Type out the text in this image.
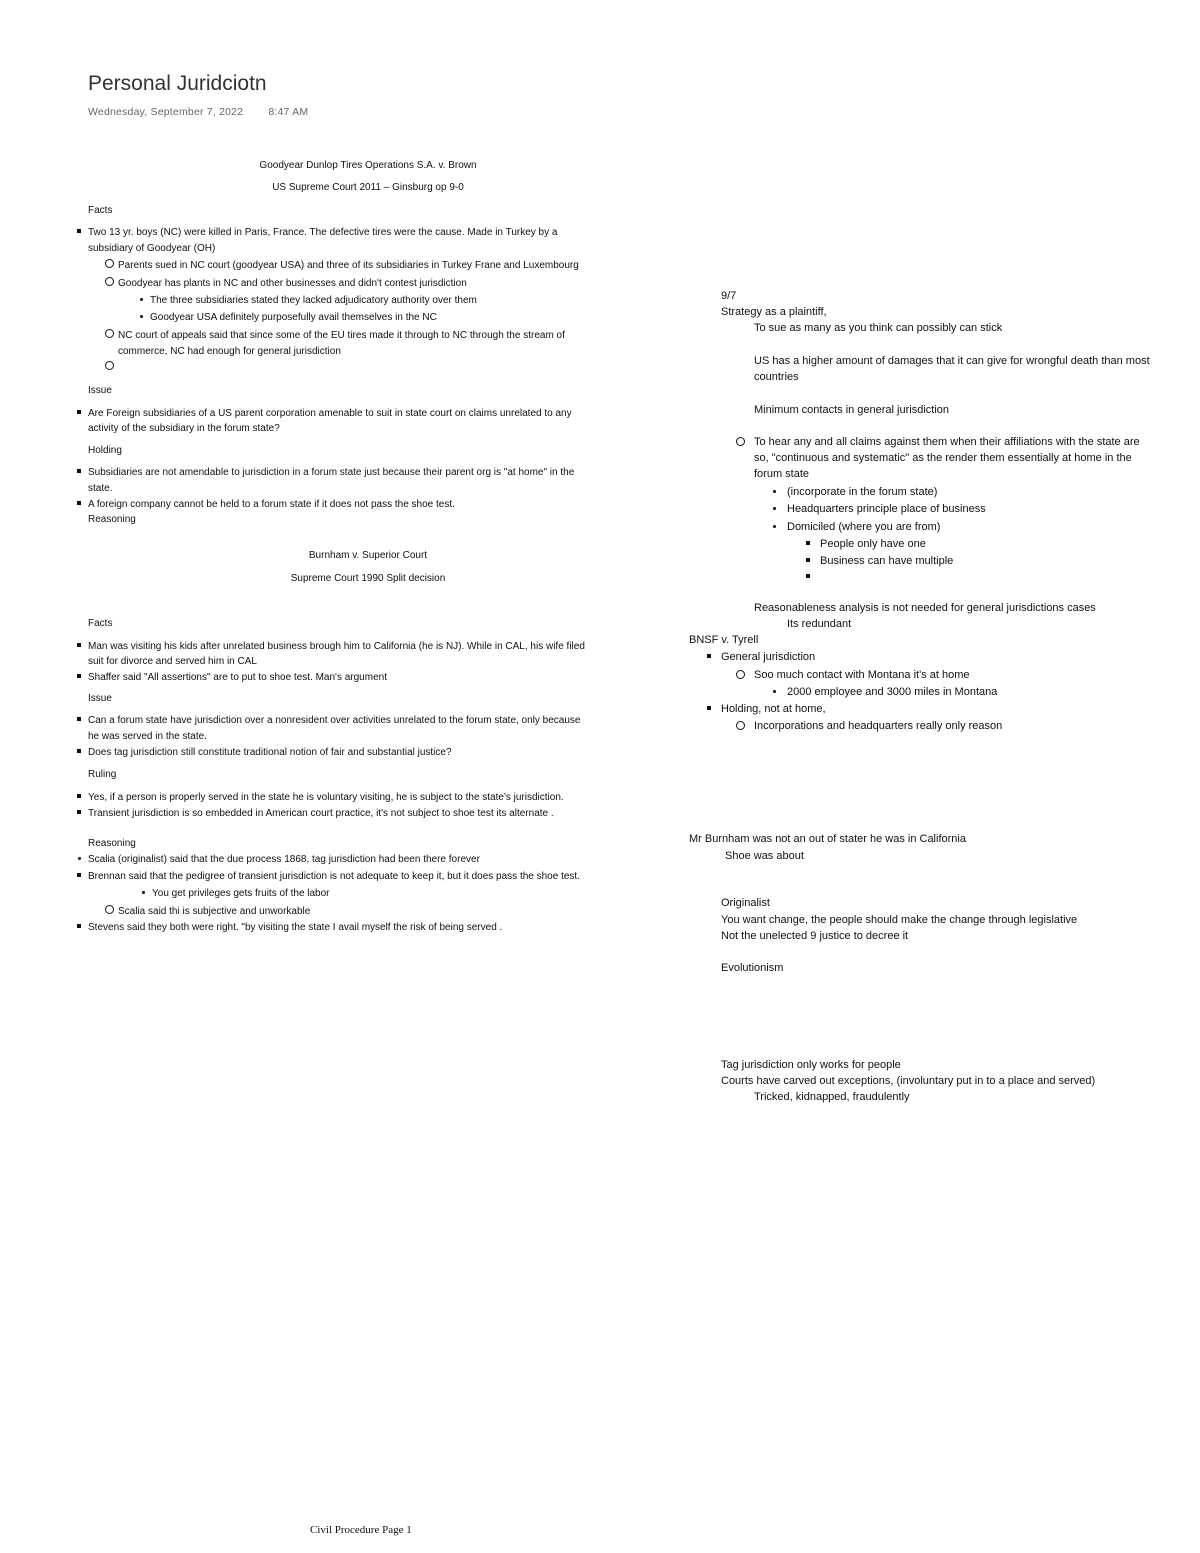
Personal Juridciotn
Wednesday, September 7, 2022 8:47 AM
Goodyear Dunlop Tires Operations S.A. v. Brown
US Supreme Court 2011 – Ginsburg op 9-0
Facts
Two 13 yr. boys (NC) were killed in Paris, France. The defective tires were the cause. Made in Turkey by a
subsidiary of Goodyear (OH)
Parents sued in NC court (goodyear USA) and three of its subsidiaries in Turkey Frane and Luxembourg
Goodyear has plants in NC and other businesses and didn't contest jurisdiction
The three subsidiaries stated they lacked adjudicatory authority over them
Goodyear USA definitely purposefully avail themselves in the NC
NC court of appeals said that since some of the EU tires made it through to NC through the stream of
commerce, NC had enough for general jurisdiction
Issue
Are Foreign subsidiaries of a US parent corporation amenable to suit in state court on claims unrelated to any
activity of the subsidiary in the forum state?
Holding
Subsidiaries are not amendable to jurisdiction in a forum state just because their parent org is "at home" in the
state.
A foreign company cannot be held to a forum state if it does not pass the shoe test.
Reasoning
Burnham v. Superior Court
Supreme Court 1990 Split decision
Facts
Man was visiting his kids after unrelated business brough him to California (he is NJ). While in CAL, his wife filed
suit for divorce and served him in CAL
Shaffer said "All assertions" are to put to shoe test. Man's argument
Issue
Can a forum state have jurisdiction over a nonresident over activities unrelated to the forum state, only because
he was served in the state.
Does tag jurisdiction still constitute traditional notion of fair and substantial justice?
Ruling
Yes, if a person is properly served in the state he is voluntary visiting, he is subject to the state's jurisdiction.
Transient jurisdiction is so embedded in American court practice, it's not subject to shoe test its alternate .
Reasoning
Scalia (originalist) said that the due process 1868, tag jurisdiction had been there forever
Brennan said that the pedigree of transient jurisdiction is not adequate to keep it, but it does pass the shoe test.
You get privileges gets fruits of the labor
Scalia said thi is subjective and unworkable
Stevens said they both were right. "by visiting the state I avail myself the risk of being served .
9/7
Strategy as a plaintiff,
To sue as many as you think can possibly can stick
US has a higher amount of damages that it can give for wrongful death than most
countries
Minimum contacts in general jurisdiction
To hear any and all claims against them when their affiliations with the state are
so, "continuous and systematic" as the render them essentially at home in the
forum state
(incorporate in the forum state)
Headquarters principle place of business
Domiciled (where you are from)
People only have one
Business can have multiple
Reasonableness analysis is not needed for general jurisdictions cases
Its redundant
BNSF v. Tyrell
General jurisdiction
Soo much contact with Montana it's at home
2000 employee and 3000 miles in Montana
Holding, not at home,
Incorporations and headquarters really only reason
Mr Burnham was not an out of stater he was in California
Shoe was about
Originalist
You want change, the people should make the change through legislative
Not the unelected 9 justice to decree it
Evolutionism
Tag jurisdiction only works for people
Courts have carved out exceptions, (involuntary put in to a place and served)
Tricked, kidnapped, fraudulently
Civil Procedure Page 1
